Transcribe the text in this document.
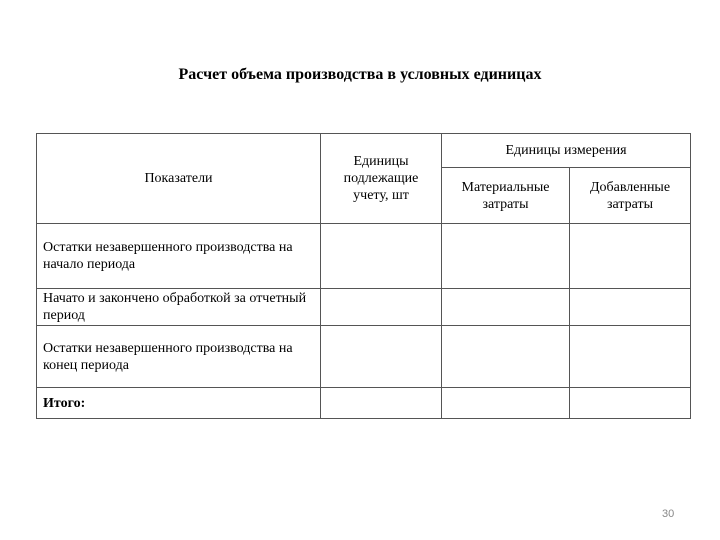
Расчет объема производства в условных единицах
Показатели	Единицы подлежащие учету, шт	Единицы измерения	
		Материальные затраты	Добавленные затраты
Остатки незавершенного производства на начало периода			
Начато и закончено обработкой за отчетный период			
Остатки незавершенного производства на конец периода			
Итого:			
30
